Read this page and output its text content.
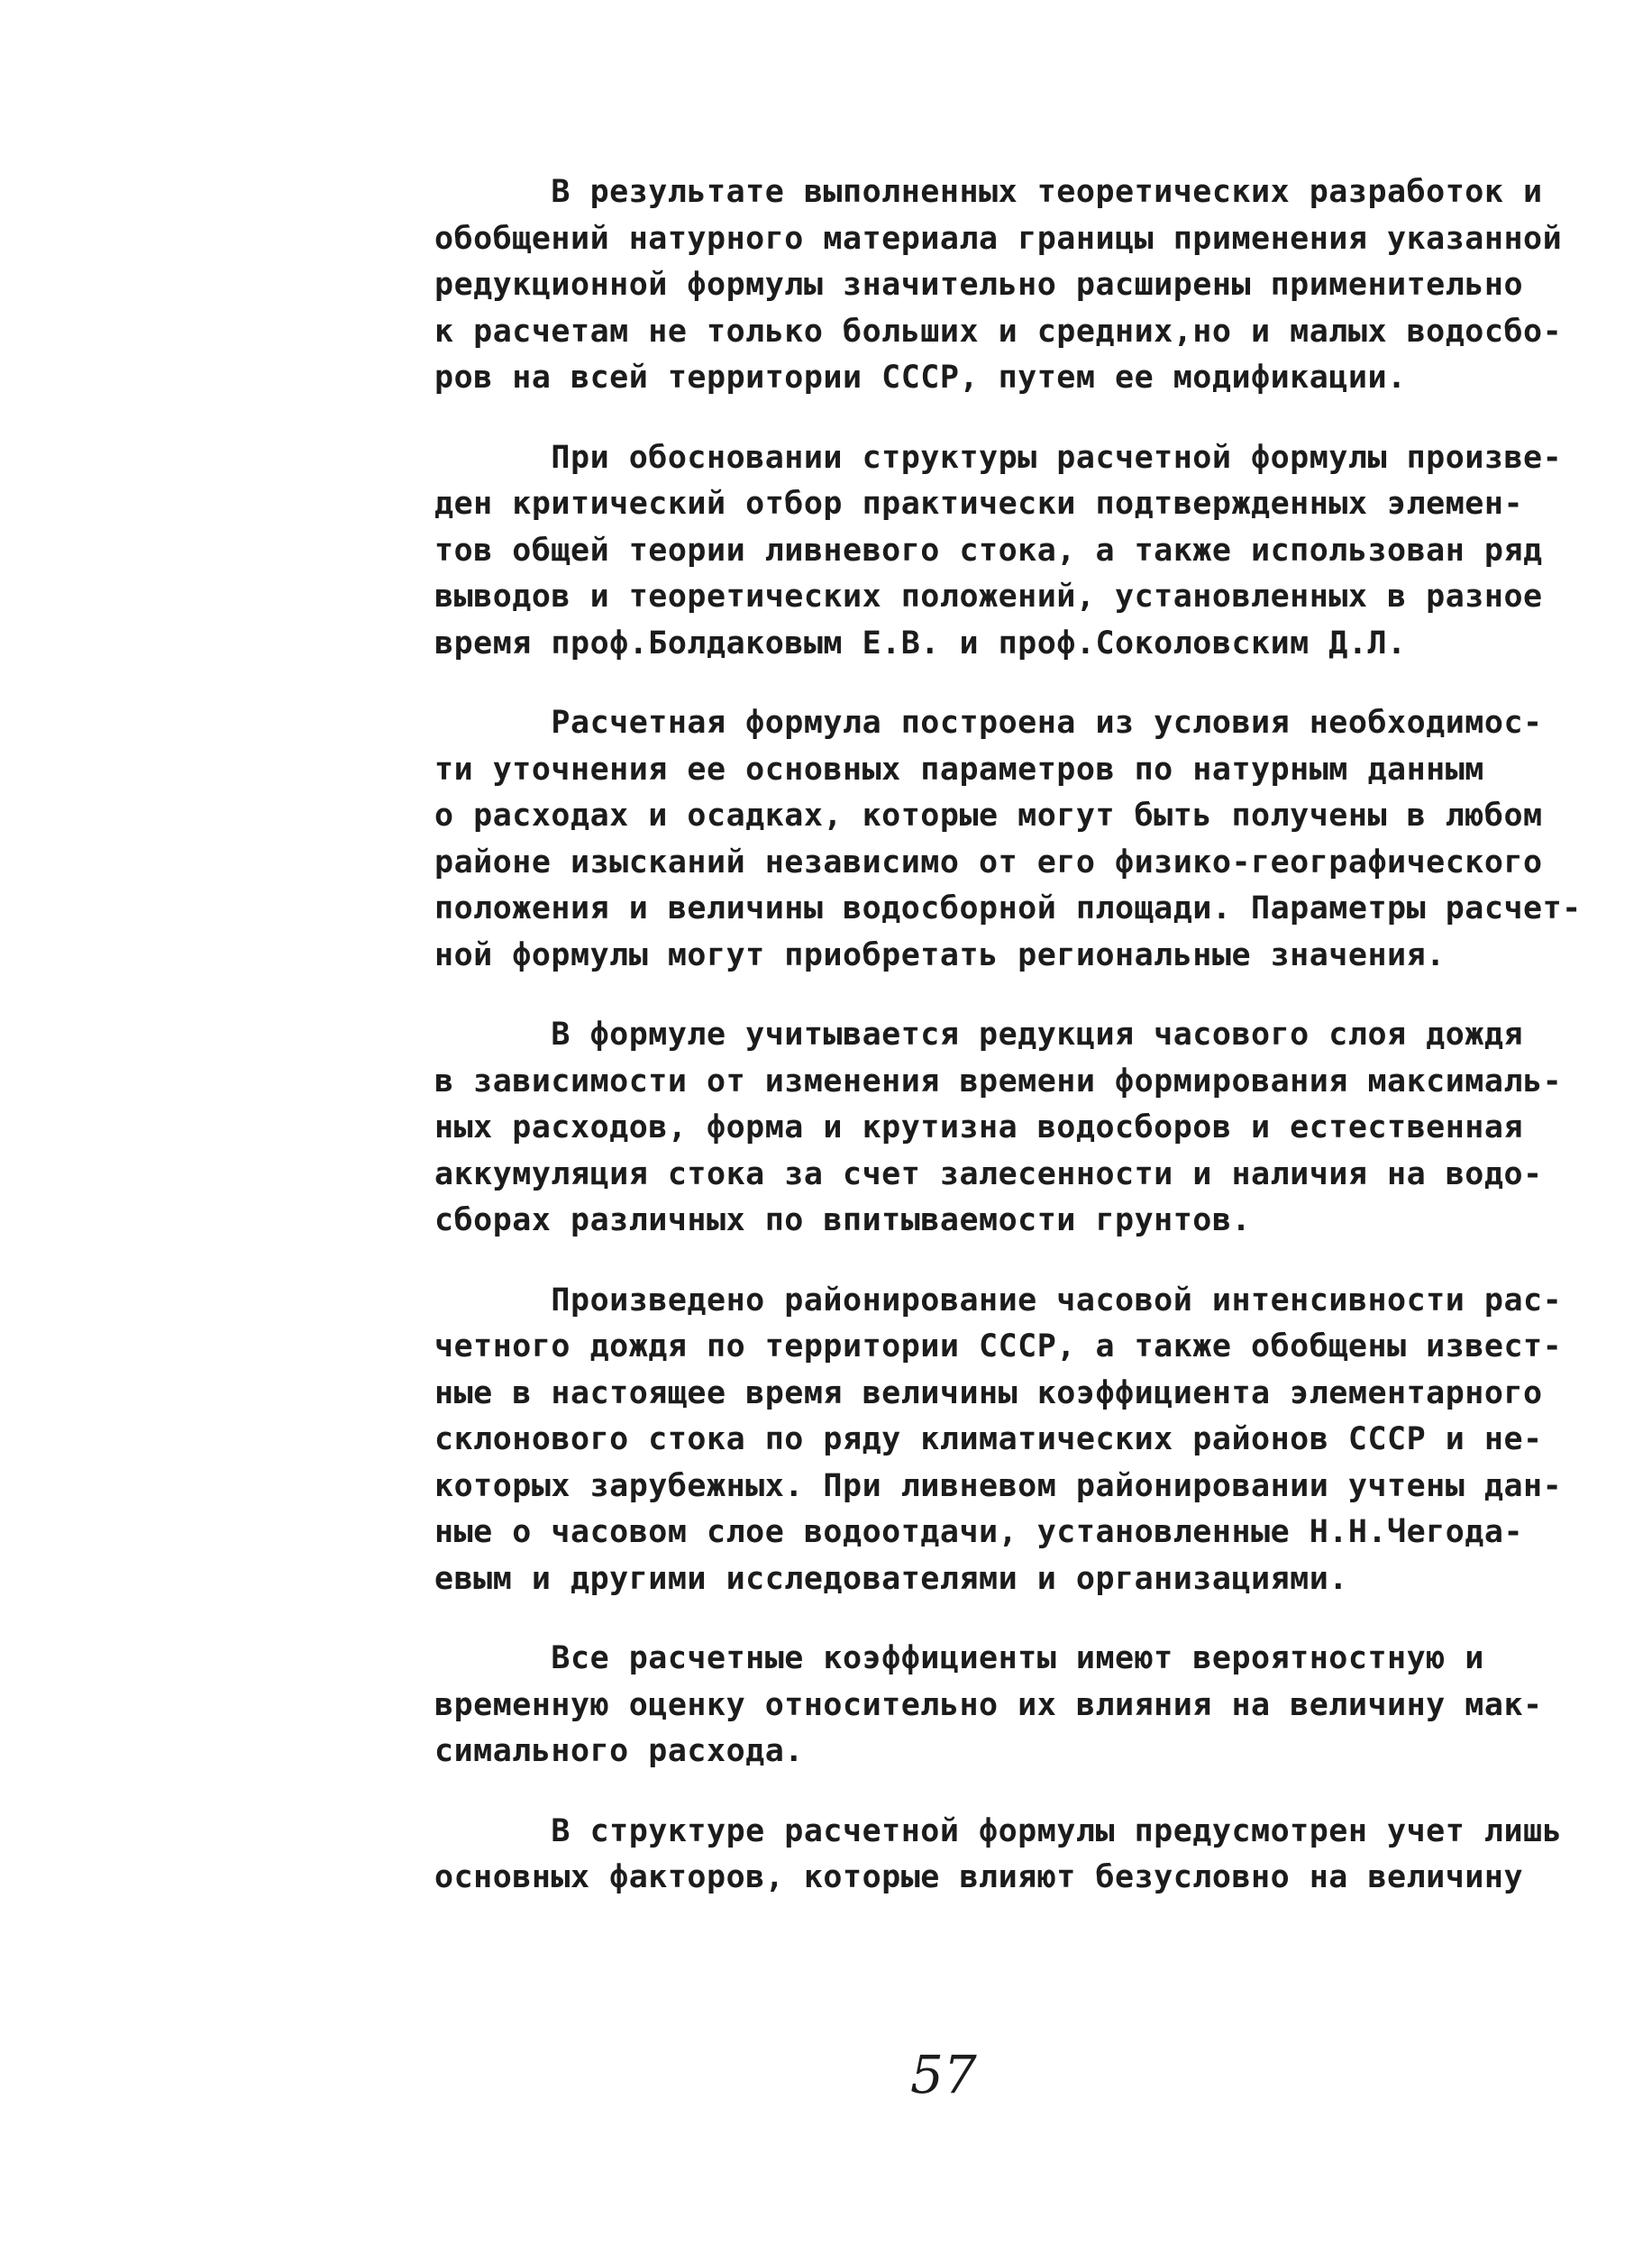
В результате выполненных теоретических разработок и
обобщений натурного материала границы применения указанной
редукционной формулы значительно расширены применительно
к расчетам не только больших и средних,но и малых водосбо-
ров на всей территории СССР, путем ее модификации.

При обосновании структуры расчетной формулы произве-
ден критический отбор практически подтвержденных элемен-
тов общей теории ливневого стока, а также использован ряд
выводов и теоретических положений, установленных в разное
время проф.Болдаковым Е.В. и проф.Соколовским Д.Л.

Расчетная формула построена из условия необходимос-
ти уточнения ее основных параметров по натурным данным
о расходах и осадках, которые могут быть получены в любом
районе изысканий независимо от его физико-географического
положения и величины водосборной площади. Параметры расчет-
ной формулы могут приобретать региональные значения.

В формуле учитывается редукция часового слоя дождя
в зависимости от изменения времени формирования максималь-
ных расходов, форма и крутизна водосборов и естественная
аккумуляция стока за счет залесенности и наличия на водо-
сборах различных по впитываемости грунтов.

Произведено районирование часовой интенсивности рас-
четного дождя по территории СССР, а также обобщены извест-
ные в настоящее время величины коэффициента элементарного
склонового стока по ряду климатических районов СССР и не-
которых зарубежных. При ливневом районировании учтены дан-
ные о часовом слое водоотдачи, установленные Н.Н.Чегода-
евым и другими исследователями и организациями.

Все расчетные коэффициенты имеют вероятностную и
временную оценку относительно их влияния на величину мак-
симального расхода.

В структуре расчетной формулы предусмотрен учет лишь
основных факторов, которые влияют безусловно на величину

57
